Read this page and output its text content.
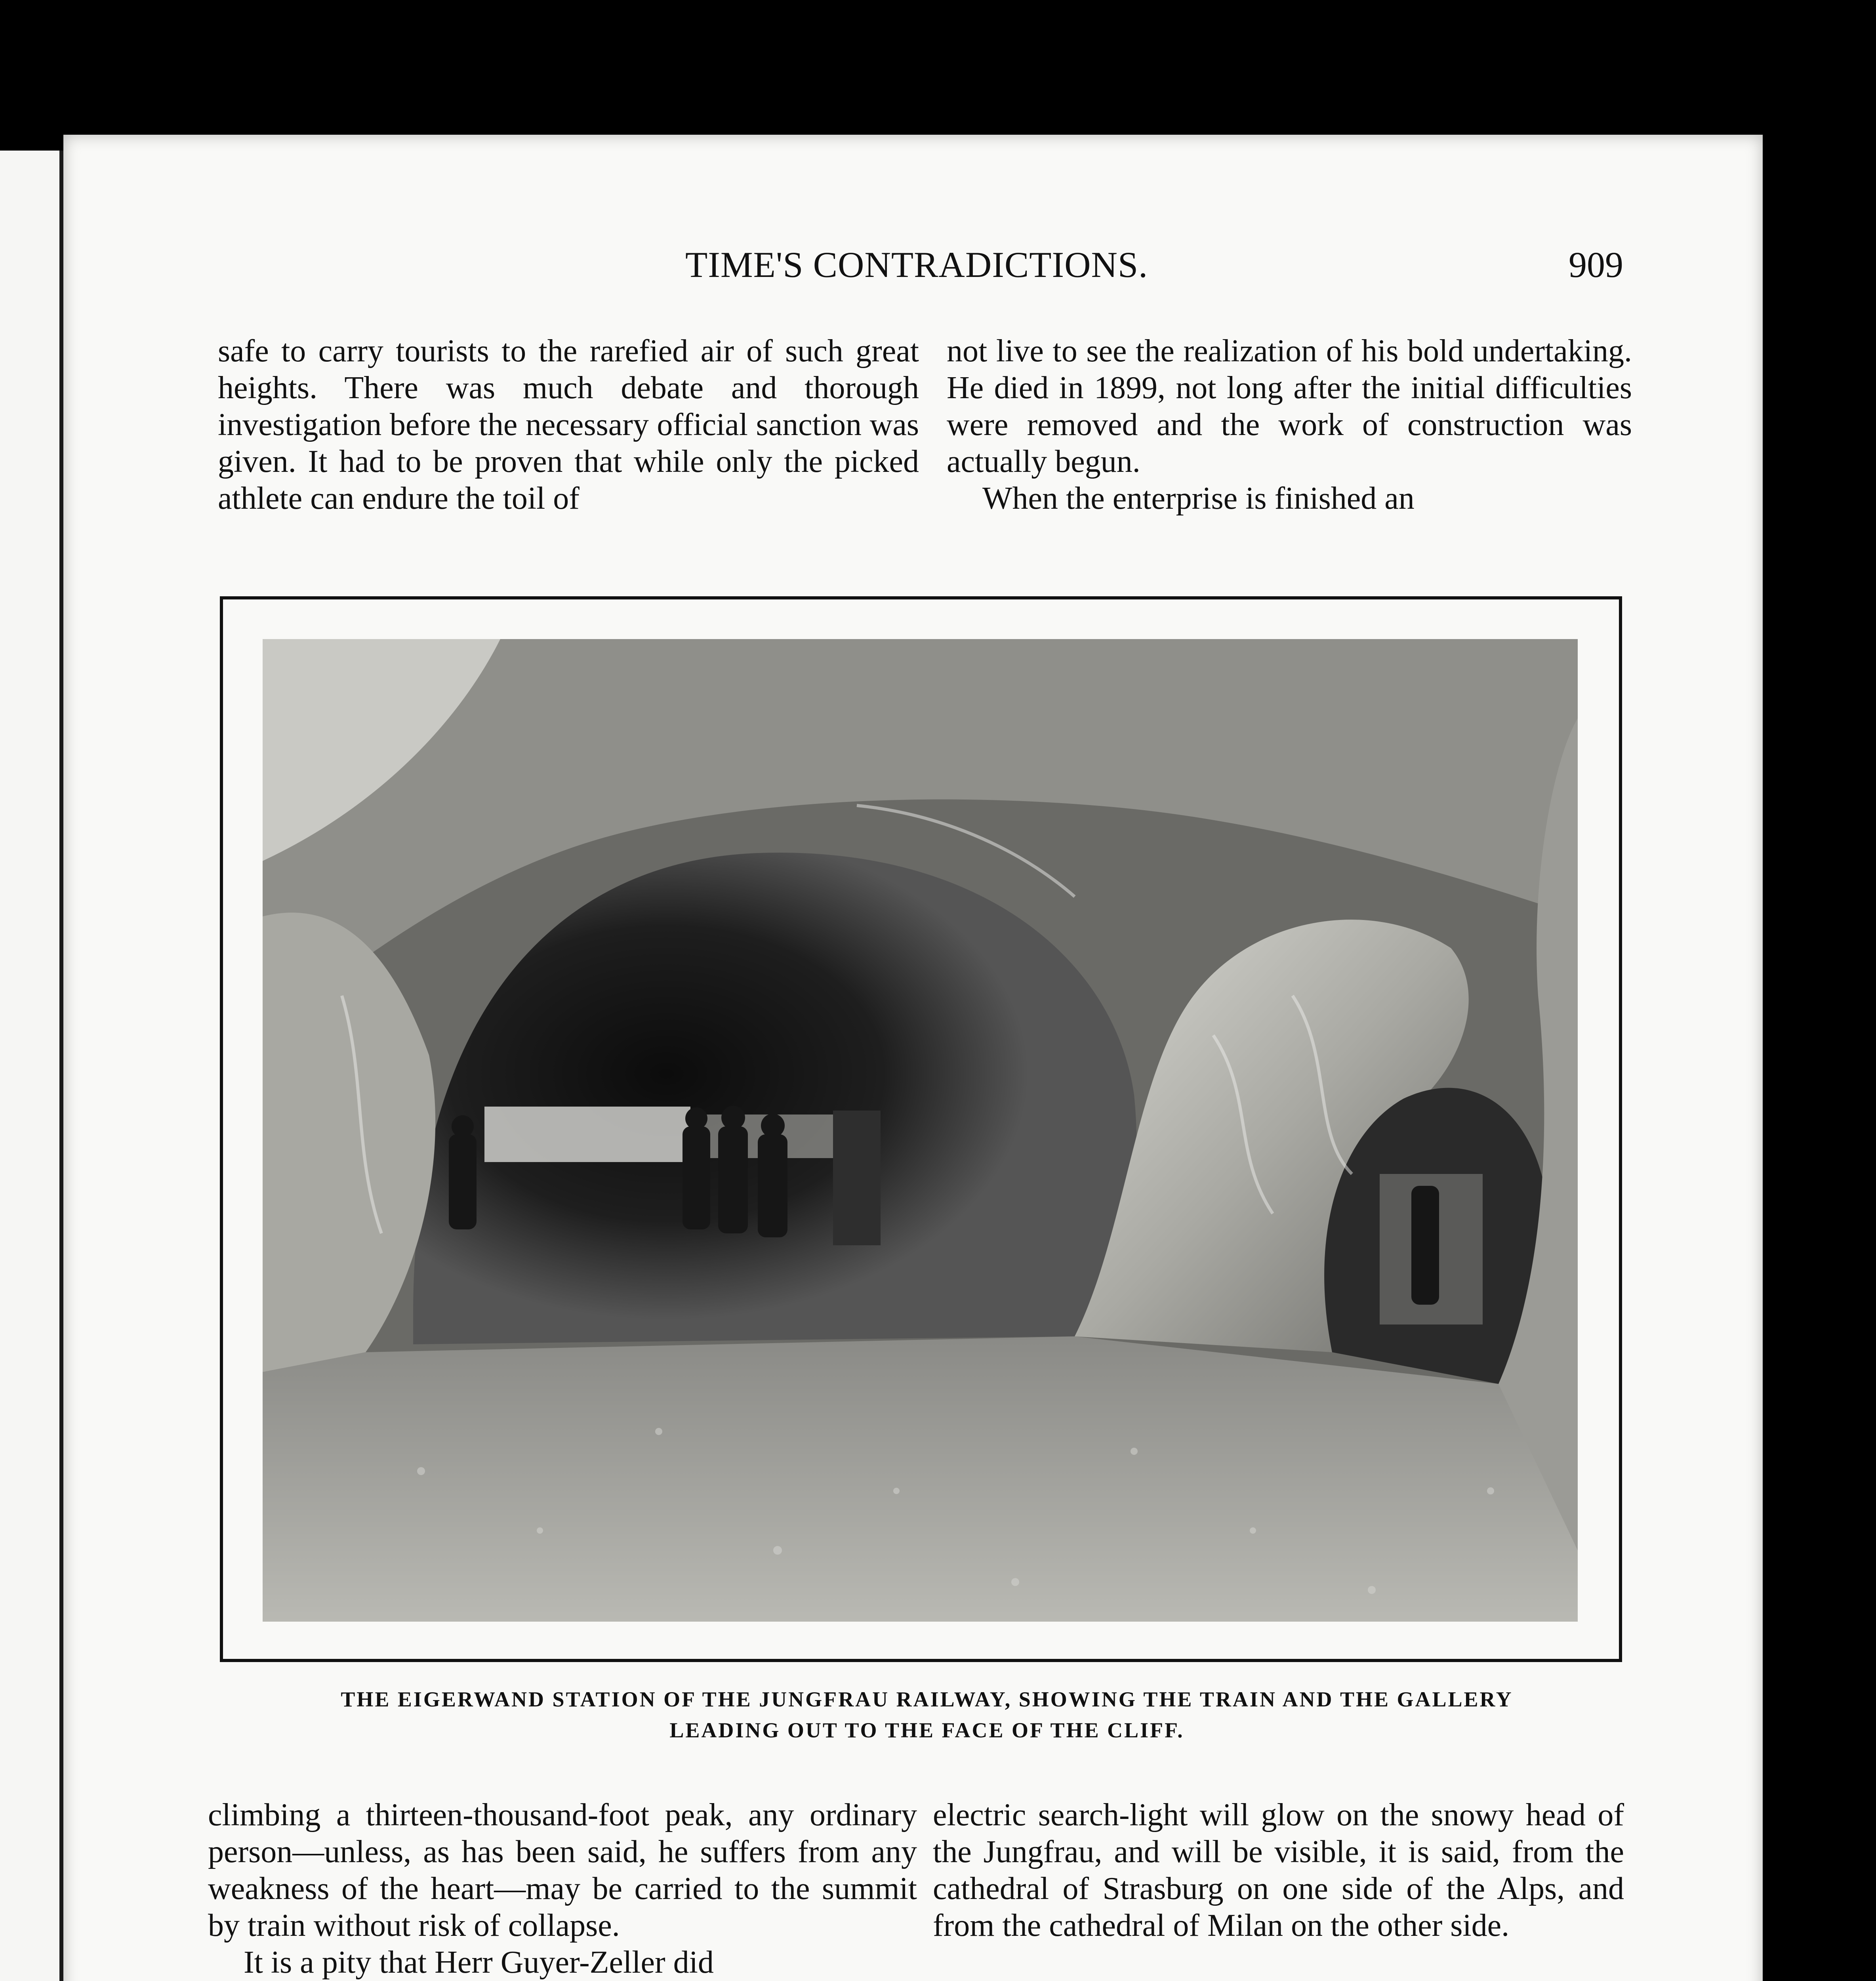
TIME'S CONTRADICTIONS.	909

safe to carry tourists to the rarefied air of such great heights. There was much debate and thorough investigation before the necessary official sanction was given. It had to be proven that while only the picked athlete can endure the toil of

not live to see the realization of his bold undertaking. He died in 1899, not long after the initial difficulties were removed and the work of construction was actually begun.

When the enterprise is finished an

THE EIGERWAND STATION OF THE JUNGFRAU RAILWAY, SHOWING THE TRAIN AND THE GALLERY
LEADING OUT TO THE FACE OF THE CLIFF.

climbing a thirteen-thousand-foot peak, any ordinary person—unless, as has been said, he suffers from any weakness of the heart—may be carried to the summit by train without risk of collapse.

It is a pity that Herr Guyer-Zeller did

electric search-light will glow on the snowy head of the Jungfrau, and will be visible, it is said, from the cathedral of Strasburg on one side of the Alps, and from the cathedral of Milan on the other side.
